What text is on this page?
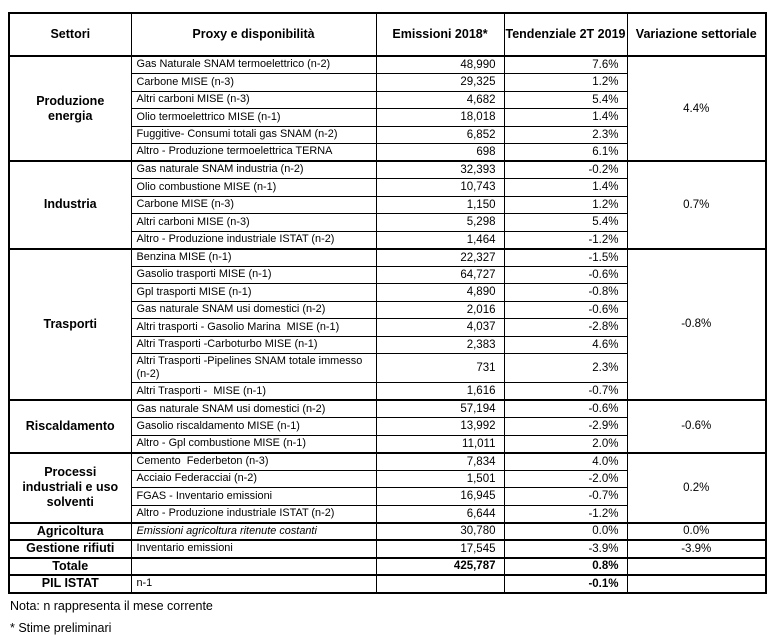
Settori	Proxy e disponibilità	Emissioni 2018*	Tendenziale 2T 2019	Variazione settoriale
Produzione energia	Gas Naturale SNAM termoelettrico (n-2)	48,990	7.6%	4.4%
	Carbone MISE (n-3)	29,325	1.2%	
	Altri carboni MISE (n-3)	4,682	5.4%	
	Olio termoelettrico MISE (n-1)	18,018	1.4%	
	Fuggitive- Consumi totali gas SNAM (n-2)	6,852	2.3%	
	Altro - Produzione termoelettrica TERNA	698	6.1%	
Industria	Gas naturale SNAM industria (n-2)	32,393	-0.2%	0.7%
	Olio combustione MISE (n-1)	10,743	1.4%	
	Carbone MISE (n-3)	1,150	1.2%	
	Altri carboni MISE (n-3)	5,298	5.4%	
	Altro - Produzione industriale ISTAT (n-2)	1,464	-1.2%	
Trasporti	Benzina MISE (n-1)	22,327	-1.5%	-0.8%
	Gasolio trasporti MISE (n-1)	64,727	-0.6%	
	Gpl trasporti MISE (n-1)	4,890	-0.8%	
	Gas naturale SNAM usi domestici (n-2)	2,016	-0.6%	
	Altri trasporti - Gasolio Marina  MISE (n-1)	4,037	-2.8%	
	Altri Trasporti -Carboturbo MISE (n-1)	2,383	4.6%	
	Altri Trasporti -Pipelines SNAM totale immesso (n-2)	731	2.3%	
	Altri Trasporti -  MISE (n-1)	1,616	-0.7%	
Riscaldamento	Gas naturale SNAM usi domestici (n-2)	57,194	-0.6%	-0.6%
	Gasolio riscaldamento MISE (n-1)	13,992	-2.9%	
	Altro - Gpl combustione MISE (n-1)	11,011	2.0%	
Processi industriali e uso solventi	Cemento  Federbeton (n-3)	7,834	4.0%	0.2%
	Acciaio Federacciai (n-2)	1,501	-2.0%	
	FGAS - Inventario emissioni	16,945	-0.7%	
	Altro - Produzione industriale ISTAT (n-2)	6,644	-1.2%	
Agricoltura	Emissioni agricoltura ritenute costanti	30,780	0.0%	0.0%
Gestione rifiuti	Inventario emissioni	17,545	-3.9%	-3.9%
Totale		425,787	0.8%	
PIL ISTAT	n-1		-0.1%	
Nota: n rappresenta il mese corrente
* Stime preliminari
